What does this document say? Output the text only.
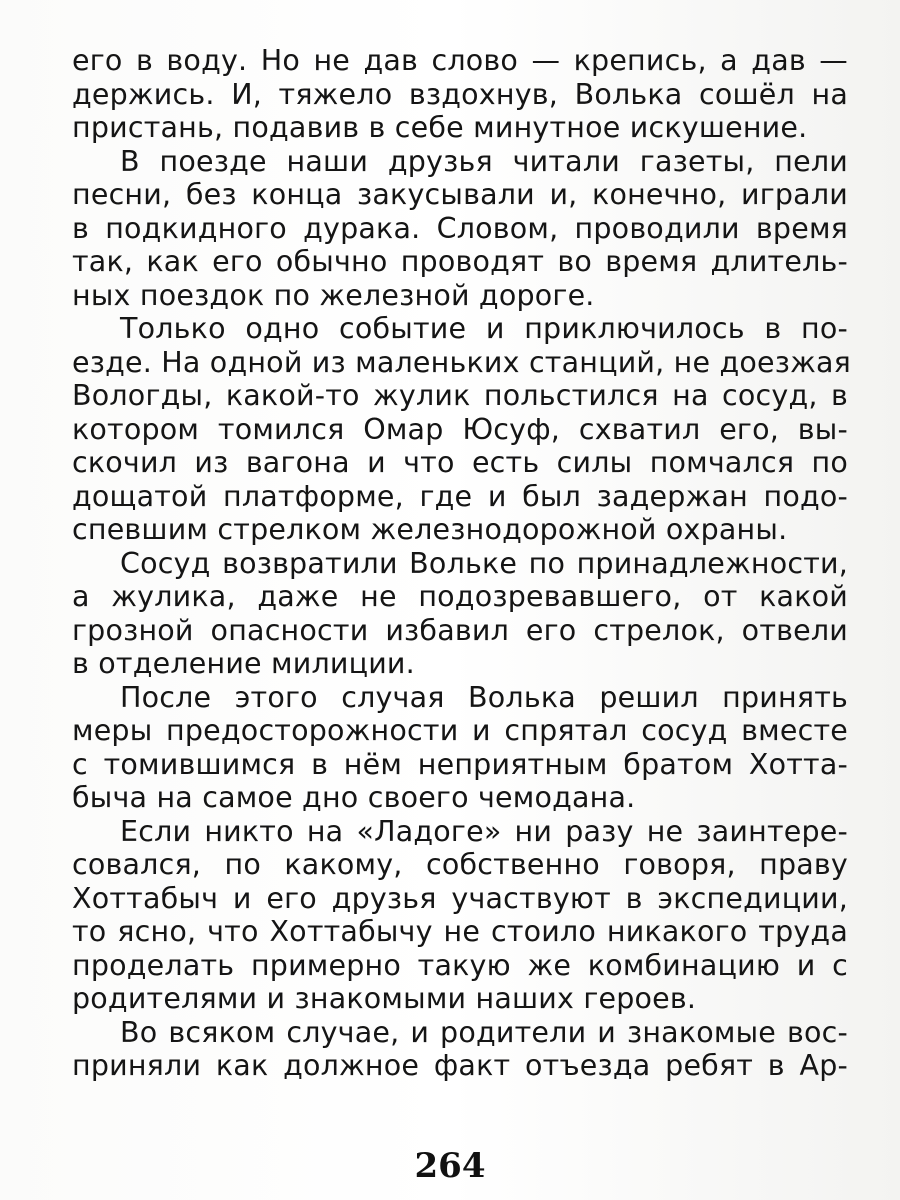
его в воду. Но не дав слово — крепись, а дав —
держись. И, тяжело вздохнув, Волька сошёл на
пристань, подавив в себе минутное искушение.
В поезде наши друзья читали газеты, пели
песни, без конца закусывали и, конечно, играли
в подкидного дурака. Словом, проводили время
так, как его обычно проводят во время длитель-
ных поездок по железной дороге.
Только одно событие и приключилось в по-
езде. На одной из маленьких станций, не доезжая
Вологды, какой-то жулик польстился на сосуд, в
котором томился Омар Юсуф, схватил его, вы-
скочил из вагона и что есть силы помчался по
дощатой платформе, где и был задержан подо-
спевшим стрелком железнодорожной охраны.
Сосуд возвратили Вольке по принадлежности,
а жулика, даже не подозревавшего, от какой
грозной опасности избавил его стрелок, отвели
в отделение милиции.
После этого случая Волька решил принять
меры предосторожности и спрятал сосуд вместе
с томившимся в нём неприятным братом Хотта-
быча на самое дно своего чемодана.
Если никто на «Ладоге» ни разу не заинтере-
совался, по какому, собственно говоря, праву
Хоттабыч и его друзья участвуют в экспедиции,
то ясно, что Хоттабычу не стоило никакого труда
проделать примерно такую же комбинацию и с
родителями и знакомыми наших героев.
Во всяком случае, и родители и знакомые вос-
приняли как должное факт отъезда ребят в Ар-
264
